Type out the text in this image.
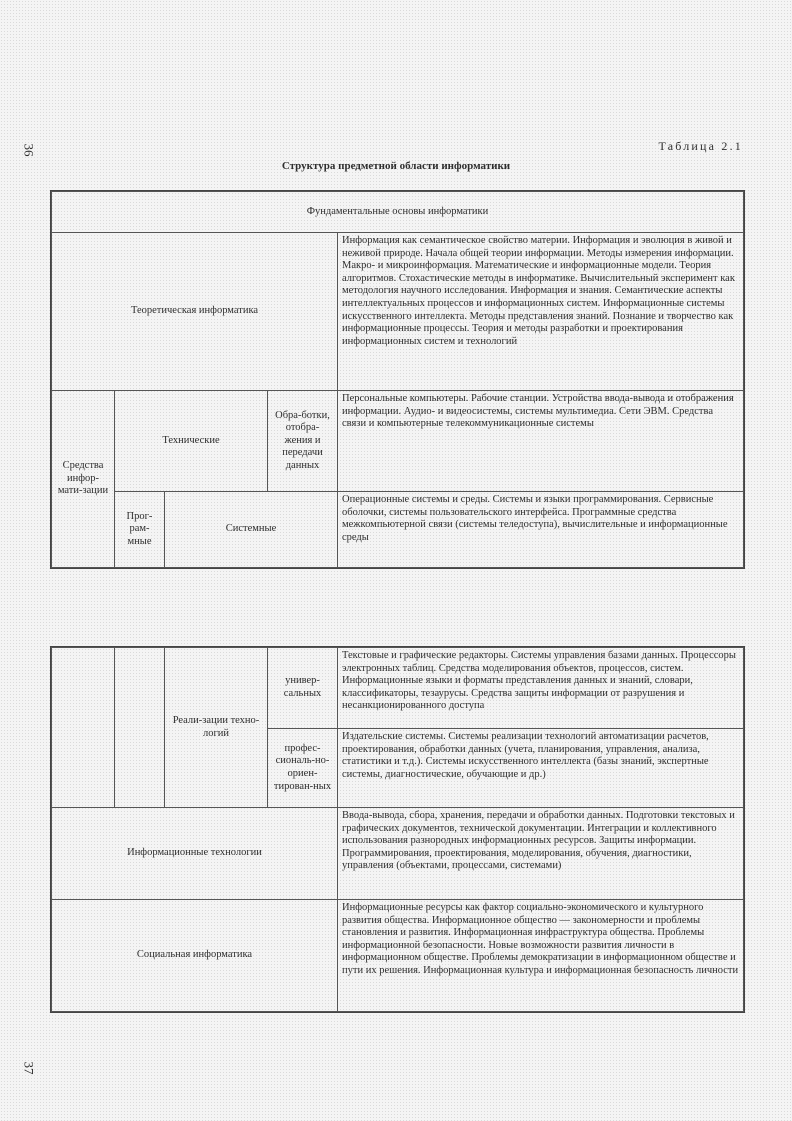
36
37
Таблица 2.1
Структура предметной области информатики
Фундаментальные основы информатики				
Теоретическая информатика				Информация как семантическое свойство материи. Информация и эволюция в живой и неживой природе. Начала общей теории информации. Методы измерения информации. Макро- и микроинформация. Математические и информационные модели. Теория алгоритмов. Стохастические методы в информатике. Вычислительный эксперимент как методология научного исследования. Информация и знания. Семантические аспекты интеллектуальных процессов и информационных систем. Информационные системы искусственного интеллекта. Методы представления знаний. Познание и творчество как информационные процессы. Теория и методы разработки и проектирования информационных систем и технологий
Средства инфор-мати-зации	Технические		Обра-ботки, отобра-жения и передачи данных	Персональные компьютеры. Рабочие станции. Устройства ввода-вывода и отображения информации. Аудио- и видеосистемы, системы мультимедиа. Сети ЭВМ. Средства связи и компьютерные телекоммуникационные системы
	Прог-рам-мные	Системные		Операционные системы и среды. Системы и языки программирования. Сервисные оболочки, системы пользовательского интерфейса. Программные средства межкомпьютерной связи (системы теледоступа), вычислительные и информационные среды
		Реали-зации техно-логий	универ-сальных	Текстовые и графические редакторы. Системы управления базами данных. Процессоры электронных таблиц. Средства моделирования объектов, процессов, систем. Информационные языки и форматы представления данных и знаний, словари, классификаторы, тезаурусы. Средства защиты информации от разрушения и несанкционированного доступа
			профес-сиональ-но-ориен-тирован-ных	Издательские системы. Системы реализации технологий автоматизации расчетов, проектирования, обработки данных (учета, планирования, управления, анализа, статистики и т.д.). Системы искусственного интеллекта (базы знаний, экспертные системы, диагностические, обучающие и др.)
Информационные технологии				Ввода-вывода, сбора, хранения, передачи и обработки данных. Подготовки текстовых и графических документов, технической документации. Интеграции и коллективного использования разнородных информационных ресурсов. Защиты информации. Программирования, проектирования, моделирования, обучения, диагностики, управления (объектами, процессами, системами)
Социальная информатика				Информационные ресурсы как фактор социально-экономического и культурного развития общества. Информационное общество — закономерности и проблемы становления и развития. Информационная инфраструктура общества. Проблемы информационной безопасности. Новые возможности развития личности в информационном обществе. Проблемы демократизации в информационном обществе и пути их решения. Информационная культура и информационная безопасность личности
